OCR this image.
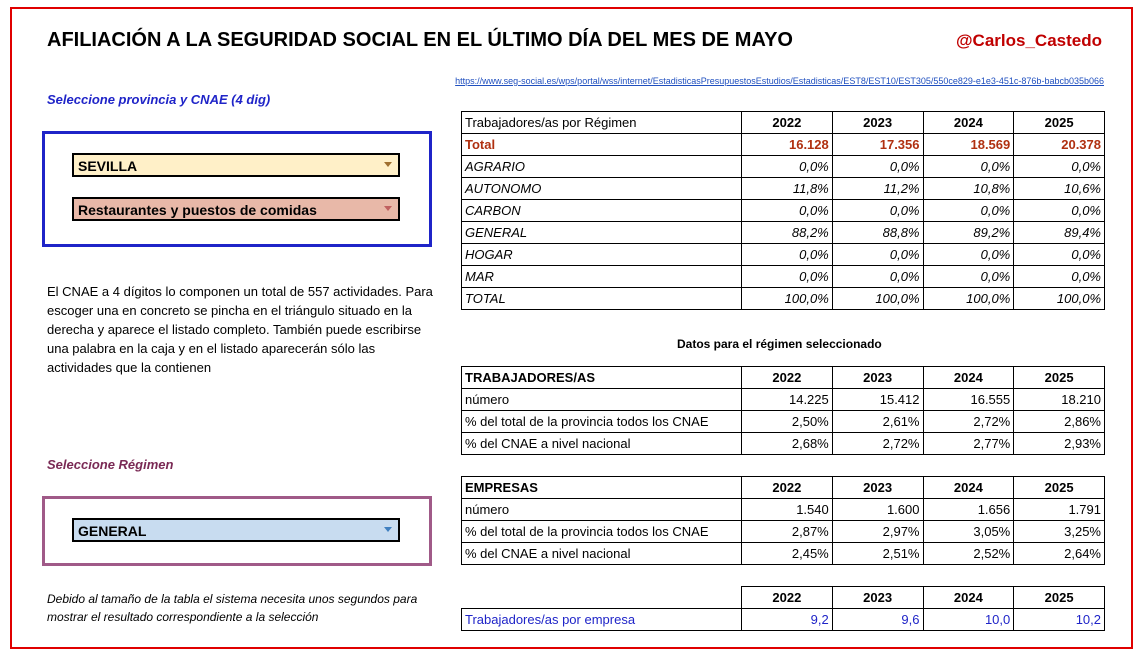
AFILIACIÓN A LA SEGURIDAD SOCIAL EN EL ÚLTIMO DÍA DEL MES DE MAYO	@Carlos_Castedo
https://www.seg-social.es/wps/portal/wss/internet/EstadisticasPresupuestosEstudios/Estadisticas/EST8/EST10/EST305/550ce829-e1e3-451c-876b-babcb035b066
Seleccione provincia y CNAE (4 dig)
SEVILLA
Restaurantes y puestos de comidas
El CNAE a 4 dígitos lo componen un total de 557 actividades. Para escoger una en concreto se pincha en el triángulo situado en la derecha y aparece el listado completo. También puede escribirse una palabra en la caja y en el listado aparecerán sólo las actividades que la contienen
Seleccione Régimen
GENERAL
Debido al tamaño de la tabla el sistema necesita unos segundos para mostrar el resultado correspondiente a la selección
Trabajadores/as por Régimen	2022	2023	2024	2025
Total	16.128	17.356	18.569	20.378
AGRARIO	0,0%	0,0%	0,0%	0,0%
AUTONOMO	11,8%	11,2%	10,8%	10,6%
CARBON	0,0%	0,0%	0,0%	0,0%
GENERAL	88,2%	88,8%	89,2%	89,4%
HOGAR	0,0%	0,0%	0,0%	0,0%
MAR	0,0%	0,0%	0,0%	0,0%
TOTAL	100,0%	100,0%	100,0%	100,0%
Datos para el régimen seleccionado
TRABAJADORES/AS	2022	2023	2024	2025
número	14.225	15.412	16.555	18.210
% del total de la provincia todos los CNAE	2,50%	2,61%	2,72%	2,86%
% del CNAE a nivel nacional	2,68%	2,72%	2,77%	2,93%
EMPRESAS	2022	2023	2024	2025
número	1.540	1.600	1.656	1.791
% del total de la provincia todos los CNAE	2,87%	2,97%	3,05%	3,25%
% del CNAE a nivel nacional	2,45%	2,51%	2,52%	2,64%
	2022	2023	2024	2025
Trabajadores/as por empresa	9,2	9,6	10,0	10,2
